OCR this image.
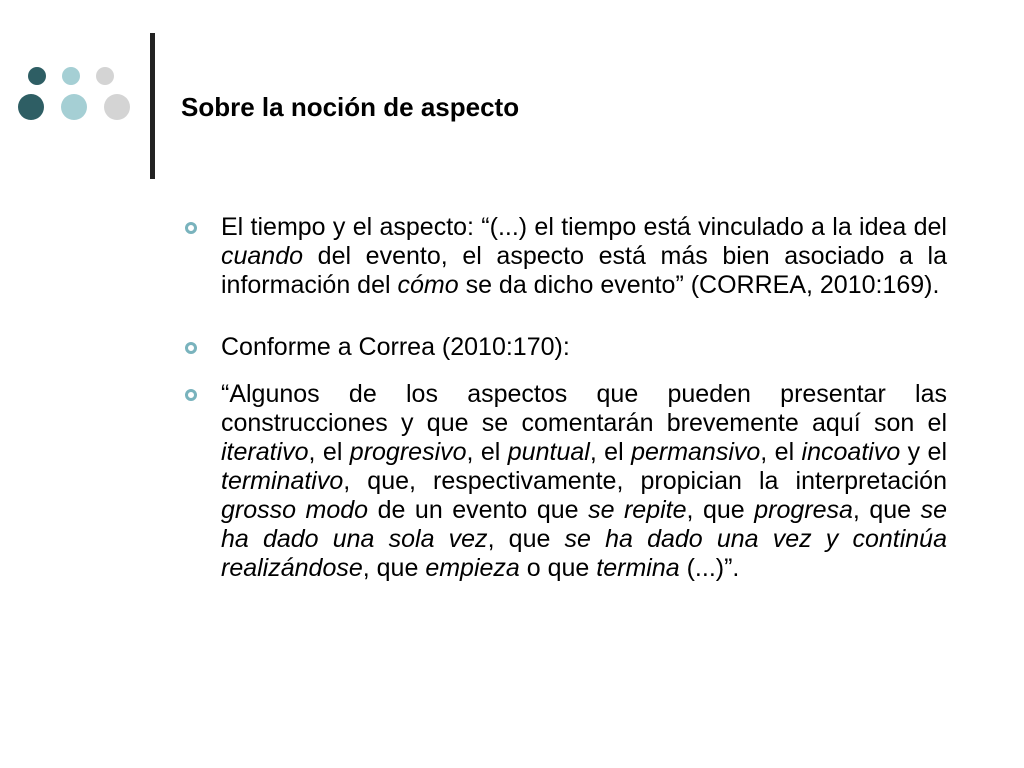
Sobre la noción de aspecto

El tiempo y el aspecto: “(...) el tiempo está vinculado a la idea del cuando del evento, el aspecto está más bien asociado a la información del cómo se da dicho evento” (CORREA, 2010:169).

Conforme a Correa (2010:170):

“Algunos de los aspectos que pueden presentar las construcciones y que se comentarán brevemente aquí son el iterativo, el progresivo, el puntual, el permansivo, el incoativo y el terminativo, que, respectivamente, propician la interpretación grosso modo de un evento que se repite, que progresa, que se ha dado una sola vez, que se ha dado una vez y continúa realizándose, que empieza o que termina (...)”.
